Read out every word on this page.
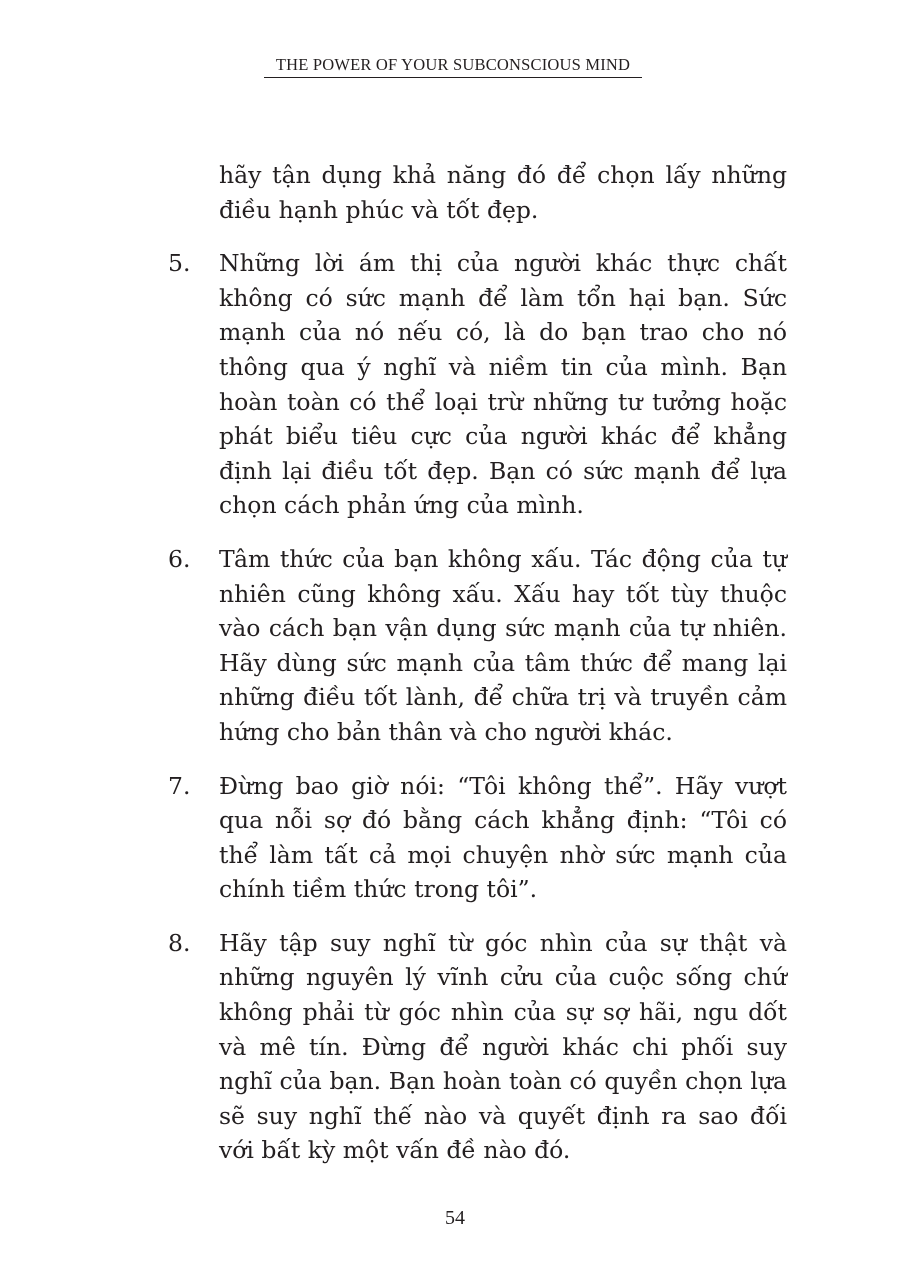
THE POWER OF YOUR SUBCONSCIOUS MIND
hãy tận dụng khả năng đó để chọn lấy những điều hạnh phúc và tốt đẹp.
5. Những lời ám thị của người khác thực chất không có sức mạnh để làm tổn hại bạn. Sức mạnh của nó nếu có, là do bạn trao cho nó thông qua ý nghĩ và niềm tin của mình. Bạn hoàn toàn có thể loại trừ những tư tưởng hoặc phát biểu tiêu cực của người khác để khẳng định lại điều tốt đẹp. Bạn có sức mạnh để lựa chọn cách phản ứng của mình.
6. Tâm thức của bạn không xấu. Tác động của tự nhiên cũng không xấu. Xấu hay tốt tùy thuộc vào cách bạn vận dụng sức mạnh của tự nhiên. Hãy dùng sức mạnh của tâm thức để mang lại những điều tốt lành, để chữa trị và truyền cảm hứng cho bản thân và cho người khác.
7. Đừng bao giờ nói: “Tôi không thể”. Hãy vượt qua nỗi sợ đó bằng cách khẳng định: “Tôi có thể làm tất cả mọi chuyện nhờ sức mạnh của chính tiềm thức trong tôi”.
8. Hãy tập suy nghĩ từ góc nhìn của sự thật và những nguyên lý vĩnh cửu của cuộc sống chứ không phải từ góc nhìn của sự sợ hãi, ngu dốt và mê tín. Đừng để người khác chi phối suy nghĩ của bạn. Bạn hoàn toàn có quyền chọn lựa sẽ suy nghĩ thế nào và quyết định ra sao đối với bất kỳ một vấn đề nào đó.
54
